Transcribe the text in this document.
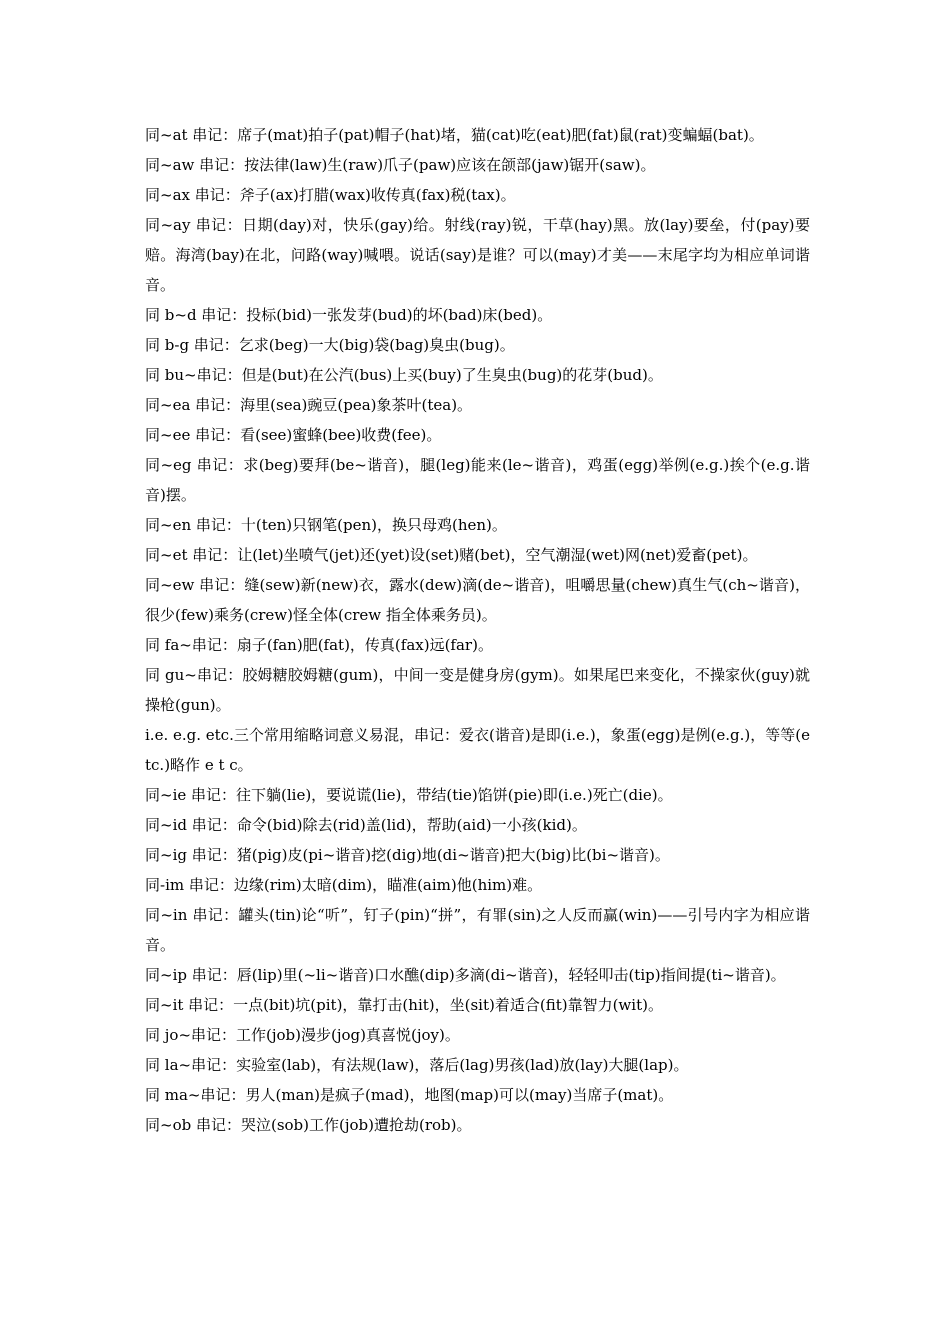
同~at 串记：席子(mat)拍子(pat)帽子(hat)堵，猫(cat)吃(eat)肥(fat)鼠(rat)变蝙蝠(bat)。

同~aw 串记：按法律(law)生(raw)爪子(paw)应该在颌部(jaw)锯开(saw)。

同~ax 串记：斧子(ax)打腊(wax)收传真(fax)税(tax)。

同~ay 串记：日期(day)对，快乐(gay)给。射线(ray)锐，干草(hay)黑。放(lay)要垒，付(pay)要赔。海湾(bay)在北，问路(way)喊喂。说话(say)是谁？可以(may)才美——末尾字均为相应单词谐音。

同 b~d 串记：投标(bid)一张发芽(bud)的坏(bad)床(bed)。

同 b-g 串记：乞求(beg)一大(big)袋(bag)臭虫(bug)。

同 bu~串记：但是(but)在公汽(bus)上买(buy)了生臭虫(bug)的花芽(bud)。

同~ea 串记：海里(sea)豌豆(pea)象茶叶(tea)。

同~ee 串记：看(see)蜜蜂(bee)收费(fee)。

同~eg 串记：求(beg)要拜(be~谐音)，腿(leg)能来(le~谐音)，鸡蛋(egg)举例(e.g.)挨个(e.g.谐音)摆。

同~en 串记：十(ten)只钢笔(pen)，换只母鸡(hen)。

同~et 串记：让(let)坐喷气(jet)还(yet)设(set)赌(bet)，空气潮湿(wet)网(net)爱畜(pet)。

同~ew 串记：缝(sew)新(new)衣，露水(dew)滴(de~谐音)，咀嚼思量(chew)真生气(ch~谐音)，很少(few)乘务(crew)怪全体(crew 指全体乘务员)。

同 fa~串记：扇子(fan)肥(fat)，传真(fax)远(far)。

同 gu~串记：胶姆糖胶姆糖(gum)，中间一变是健身房(gym)。如果尾巴来变化，不操家伙(guy)就操枪(gun)。

i.e. e.g. etc.三个常用缩略词意义易混，串记：爱衣(谐音)是即(i.e.)，象蛋(egg)是例(e.g.)，等等(etc.)略作 e t c。

同~ie 串记：往下躺(lie)，要说谎(lie)，带结(tie)馅饼(pie)即(i.e.)死亡(die)。

同~id 串记：命令(bid)除去(rid)盖(lid)，帮助(aid)一小孩(kid)。

同~ig 串记：猪(pig)皮(pi~谐音)挖(dig)地(di~谐音)把大(big)比(bi~谐音)。

同-im 串记：边缘(rim)太暗(dim)，瞄准(aim)他(him)难。

同~in 串记：罐头(tin)论“听”，钉子(pin)“拼”，有罪(sin)之人反而赢(win)——引号内字为相应谐音。

同~ip 串记：唇(lip)里(~li~谐音)口水醮(dip)多滴(di~谐音)，轻轻叩击(tip)指间提(ti~谐音)。

同~it 串记：一点(bit)坑(pit)，靠打击(hit)，坐(sit)着适合(fit)靠智力(wit)。

同 jo~串记：工作(job)漫步(jog)真喜悦(joy)。

同 la~串记：实验室(lab)，有法规(law)，落后(lag)男孩(lad)放(lay)大腿(lap)。

同 ma~串记：男人(man)是疯子(mad)，地图(map)可以(may)当席子(mat)。

同~ob 串记：哭泣(sob)工作(job)遭抢劫(rob)。
